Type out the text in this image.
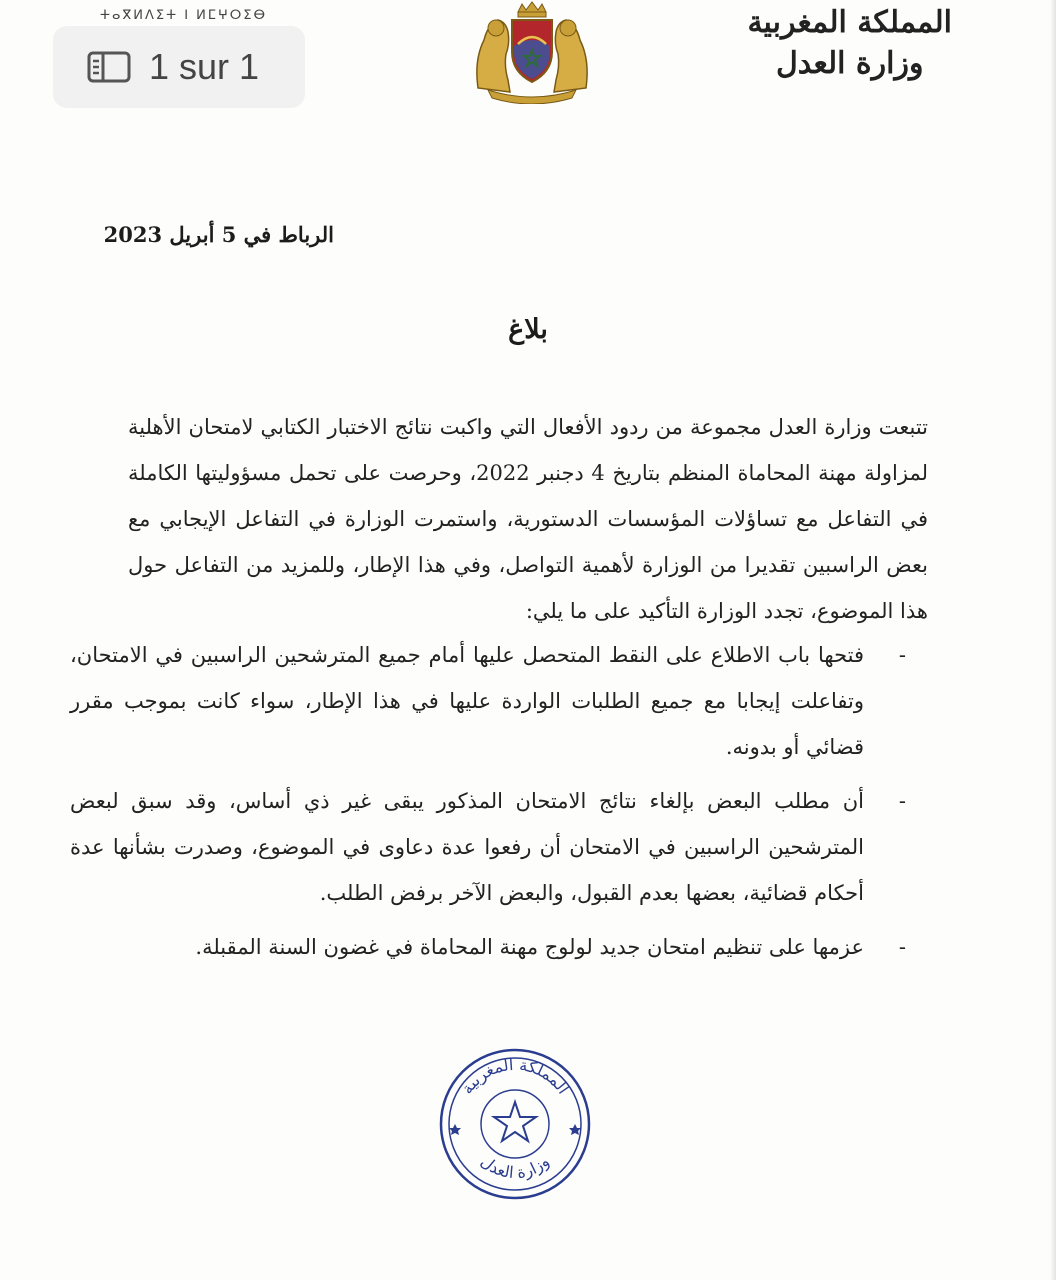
ⵜⴰⴳⵍⴷⵉⵜ ⵏ ⵍⵎⵖⵔⵉⴱ
1 sur 1
المملكة المغربية
وزارة العدل
الرباط في 5 أبريل 2023
بلاغ
تتبعت وزارة العدل مجموعة من ردود الأفعال التي واكبت نتائج الاختبار الكتابي لامتحان الأهلية لمزاولة مهنة المحاماة المنظم بتاريخ 4 دجنبر 2022، وحرصت على تحمل مسؤوليتها الكاملة في التفاعل مع تساؤلات المؤسسات الدستورية، واستمرت الوزارة في التفاعل الإيجابي مع بعض الراسبين تقديرا من الوزارة لأهمية التواصل، وفي هذا الإطار، وللمزيد من التفاعل حول هذا الموضوع، تجدد الوزارة التأكيد على ما يلي:
-
فتحها باب الاطلاع على النقط المتحصل عليها أمام جميع المترشحين الراسبين في الامتحان، وتفاعلت إيجابا مع جميع الطلبات الواردة عليها في هذا الإطار، سواء كانت بموجب مقرر قضائي أو بدونه.
-
أن مطلب البعض بإلغاء نتائج الامتحان المذكور يبقى غير ذي أساس، وقد سبق لبعض المترشحين الراسبين في الامتحان أن رفعوا عدة دعاوى في الموضوع، وصدرت بشأنها عدة أحكام قضائية، بعضها بعدم القبول، والبعض الآخر برفض الطلب.
-
عزمها على تنظيم امتحان جديد لولوج مهنة المحاماة في غضون السنة المقبلة.
المملكة المغربية
وزارة العدل
